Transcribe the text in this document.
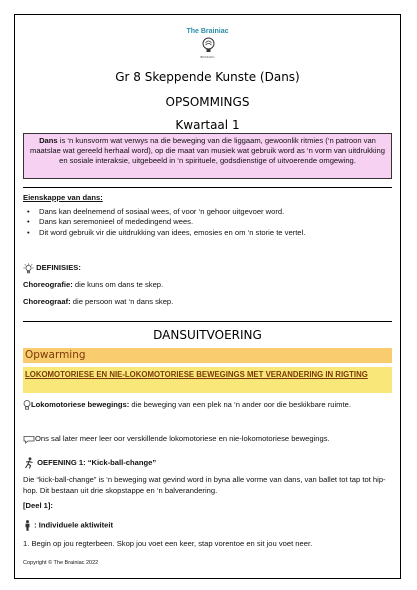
The Brainiac
BRAINIAC
Gr 8 Skeppende Kunste (Dans)
OPSOMMINGS
Kwartaal 1
Dans is ‘n kunsvorm wat verwys na die beweging van die liggaam, gewoonlik ritmies (‘n patroon van maatslae wat gereeld herhaal word), op die maat van musiek wat gebruik word as ‘n vorm van uitdrukking en sosiale interaksie, uitgebeeld in ‘n spirituele, godsdienstige of uitvoerende omgewing.
Eienskappe van dans:
• Dans kan deelnemend of sosiaal wees, of voor ‘n gehoor uitgevoer word.
• Dans kan seremonieel of mededingend wees.
• Dit word gebruik vir die uitdrukking van idees, emosies en om ‘n storie te vertel.
DEFINISIES:
Choreografie: die kuns om dans te skep.
Choreograaf: die persoon wat ‘n dans skep.
DANSUITVOERING
Opwarming
LOKOMOTORIESE EN NIE-LOKOMOTORIESE BEWEGINGS MET VERANDERING IN RIGTING
Lokomotoriese bewegings: die beweging van een plek na ‘n ander oor die beskikbare ruimte.
Ons sal later meer leer oor verskillende lokomotoriese en nie-lokomotoriese bewegings.
OEFENING 1: “Kick-ball-change”
Die “kick-ball-change” is ‘n beweging wat gevind word in byna alle vorme van dans, van ballet tot tap tot hip-hop. Dit bestaan uit drie skopstappe en ‘n balverandering.
[Deel 1]:
: Individuele aktiwiteit
1. Begin op jou regterbeen. Skop jou voet een keer, stap vorentoe en sit jou voet neer.
Copyright © The Brainiac 2022
